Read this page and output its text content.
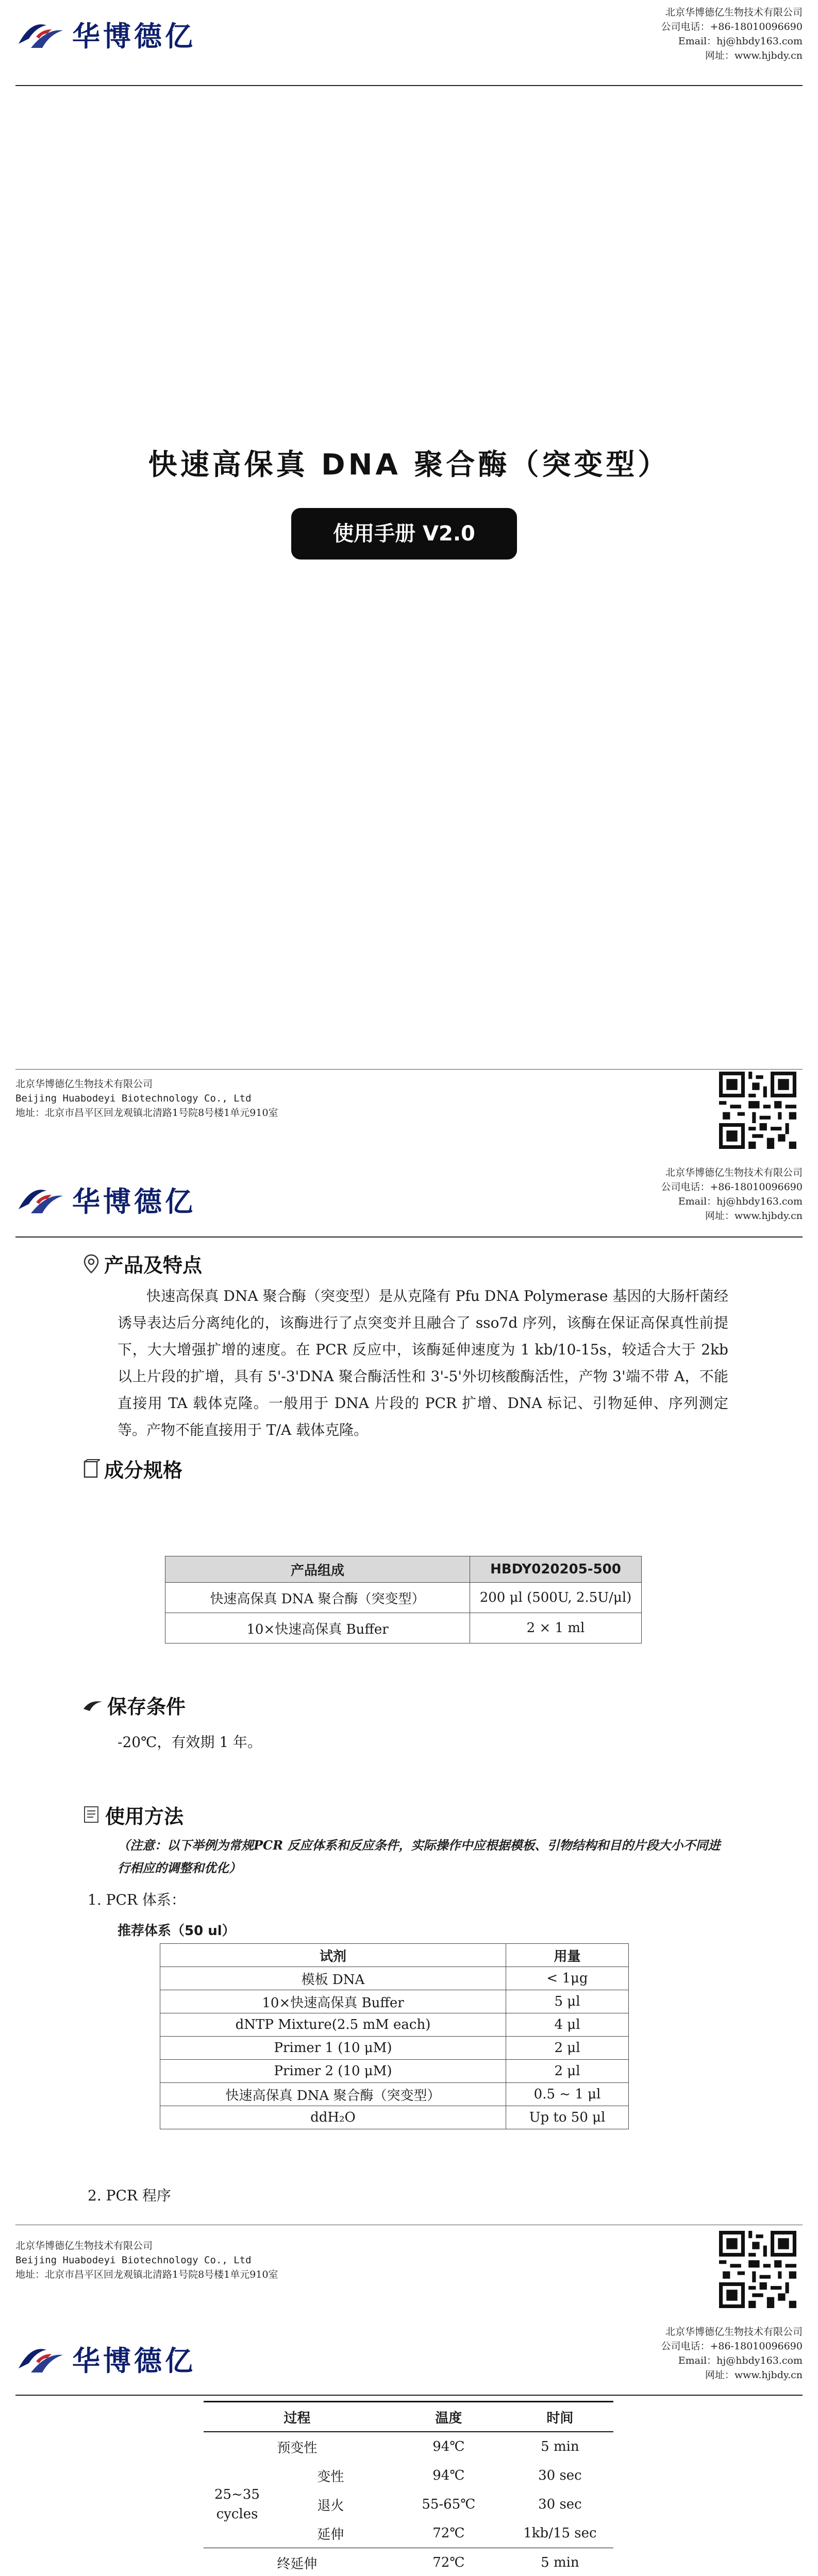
华博德亿
北京华博德亿生物技术有限公司
公司电话：+86-18010096690
Email：hj@hbdy163.com
网址：www.hjbdy.cn
快速高保真 DNA 聚合酶（突变型）
使用手册 V2.0
北京华博德亿生物技术有限公司
Beijing Huabodeyi Biotechnology Co., Ltd
地址：北京市昌平区回龙观镇北清路1号院8号楼1单元910室
北京华博德亿生物技术有限公司
公司电话：+86-18010096690
Email：hj@hbdy163.com
网址：www.hjbdy.cn
华博德亿
产品及特点
快速高保真 DNA 聚合酶（突变型）是从克隆有 Pfu DNA Polymerase 基因的大肠杆菌经诱导表达后分离纯化的，该酶进行了点突变并且融合了 sso7d 序列，该酶在保证高保真性前提下，大大增强扩增的速度。在 PCR 反应中，该酶延伸速度为 1 kb/10-15s，较适合大于 2kb 以上片段的扩增，具有 5'-3'DNA 聚合酶活性和 3'-5'外切核酸酶活性，产物 3'端不带 A，不能直接用 TA 载体克隆。一般用于 DNA 片段的 PCR 扩增、DNA 标记、引物延伸、序列测定等。产物不能直接用于 T/A 载体克隆。
成分规格
产品组成	HBDY020205-500
快速高保真 DNA 聚合酶（突变型）	200 μl (500U, 2.5U/μl)
10×快速高保真 Buffer	2 × 1 ml
保存条件
-20℃，有效期 1 年。
使用方法
（注意：以下举例为常规PCR 反应体系和反应条件，实际操作中应根据模板、引物结构和目的片段大小不同进行相应的调整和优化）
1. PCR 体系：
推荐体系（50 ul）
试剂	用量
模板 DNA	< 1μg
10×快速高保真 Buffer	5 μl
dNTP Mixture(2.5 mM each)	4 μl
Primer 1 (10 μM)	2 μl
Primer 2 (10 μM)	2 μl
快速高保真 DNA 聚合酶（突变型）	0.5 ~ 1 μl
ddH₂O	Up to 50 μl
2. PCR 程序
北京华博德亿生物技术有限公司
Beijing Huabodeyi Biotechnology Co., Ltd
地址：北京市昌平区回龙观镇北清路1号院8号楼1单元910室
华博德亿
北京华博德亿生物技术有限公司
公司电话：+86-18010096690
Email：hj@hbdy163.com
网址：www.hjbdy.cn
过程		温度	时间
预变性		94℃	5 min
25~35 cycles	变性	94℃	30 sec
	退火	55-65℃	30 sec
	延伸	72℃	1kb/15 sec
终延伸		72℃	5 min
